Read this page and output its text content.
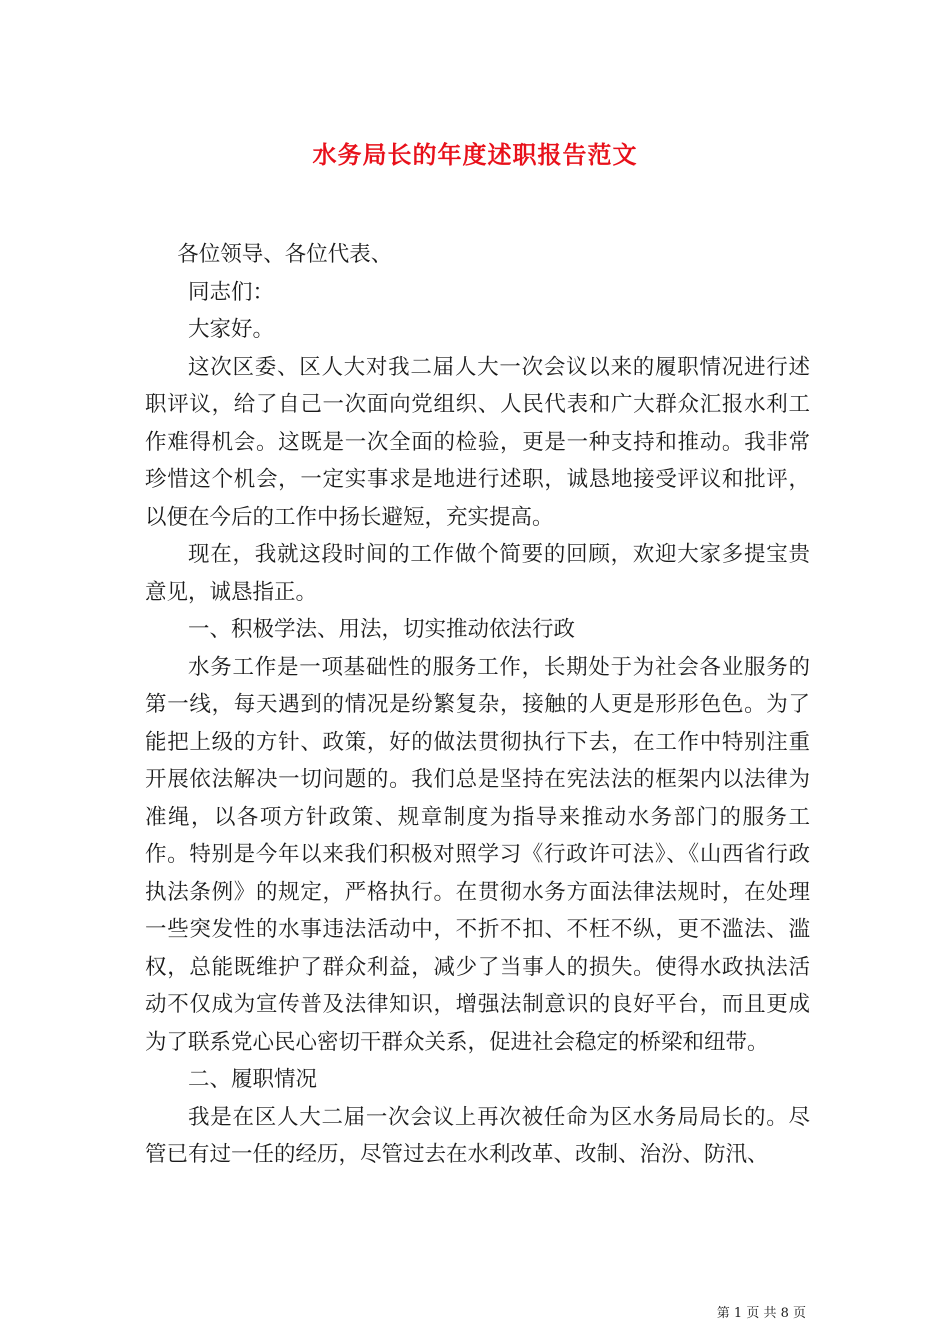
水务局长的年度述职报告范文

各位领导、各位代表、

同志们：

大家好。

这次区委、区人大对我二届人大一次会议以来的履职情况进行述职评议，给了自己一次面向党组织、人民代表和广大群众汇报水利工作难得机会。这既是一次全面的检验，更是一种支持和推动。我非常珍惜这个机会，一定实事求是地进行述职，诚恳地接受评议和批评，以便在今后的工作中扬长避短，充实提高。

现在，我就这段时间的工作做个简要的回顾，欢迎大家多提宝贵意见，诚恳指正。

一、积极学法、用法，切实推动依法行政

水务工作是一项基础性的服务工作，长期处于为社会各业服务的第一线，每天遇到的情况是纷繁复杂，接触的人更是形形色色。为了能把上级的方针、政策，好的做法贯彻执行下去，在工作中特别注重开展依法解决一切问题的。我们总是坚持在宪法法的框架内以法律为准绳，以各项方针政策、规章制度为指导来推动水务部门的服务工作。特别是今年以来我们积极对照学习《行政许可法》、《山西省行政执法条例》的规定，严格执行。在贯彻水务方面法律法规时，在处理一些突发性的水事违法活动中，不折不扣、不枉不纵，更不滥法、滥权，总能既维护了群众利益，减少了当事人的损失。使得水政执法活动不仅成为宣传普及法律知识，增强法制意识的良好平台，而且更成为了联系党心民心密切干群众关系，促进社会稳定的桥梁和纽带。

二、履职情况

我是在区人大二届一次会议上再次被任命为区水务局局长的。尽管已有过一任的经历，尽管过去在水利改革、改制、治汾、防汛、

第 1 页 共 8 页
